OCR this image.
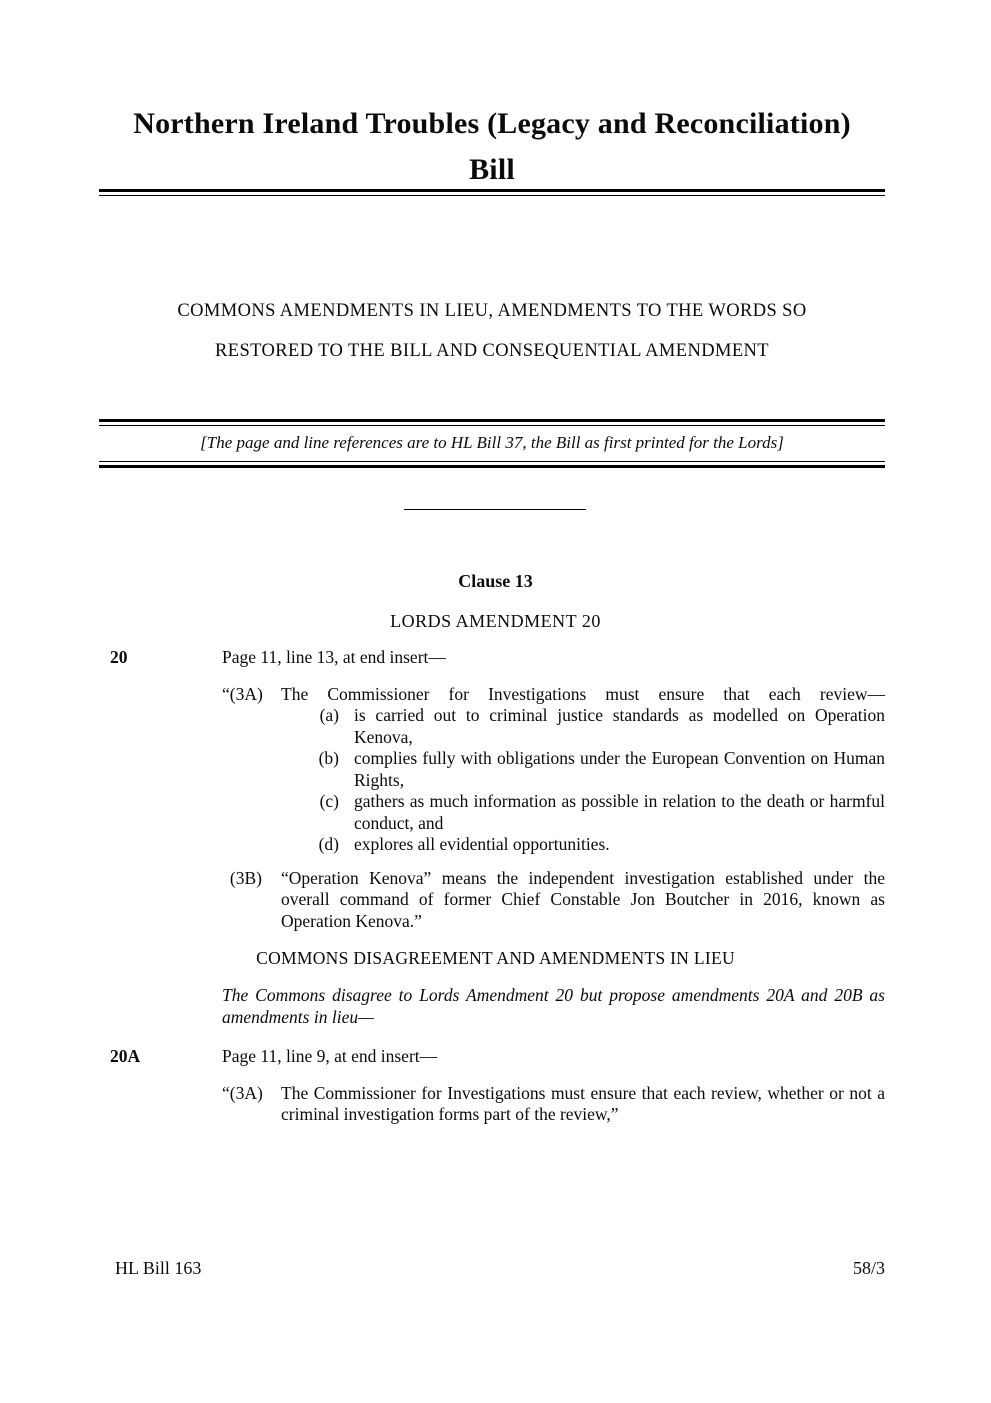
Northern Ireland Troubles (Legacy and Reconciliation)
Bill
COMMONS AMENDMENTS IN LIEU, AMENDMENTS TO THE WORDS SO
RESTORED TO THE BILL AND CONSEQUENTIAL AMENDMENT
[The page and line references are to HL Bill 37, the Bill as first printed for the Lords]
Clause 13
LORDS AMENDMENT 20
20	Page 11, line 13, at end insert—
“(3A)	The Commissioner for Investigations must ensure that each review—
(a) is carried out to criminal justice standards as modelled on Operation Kenova,
(b) complies fully with obligations under the European Convention on Human Rights,
(c) gathers as much information as possible in relation to the death or harmful conduct, and
(d) explores all evidential opportunities.
(3B)	“Operation Kenova” means the independent investigation established under the overall command of former Chief Constable Jon Boutcher in 2016, known as Operation Kenova.”
COMMONS DISAGREEMENT AND AMENDMENTS IN LIEU
The Commons disagree to Lords Amendment 20 but propose amendments 20A and 20B as amendments in lieu—
20A	Page 11, line 9, at end insert—
“(3A)	The Commissioner for Investigations must ensure that each review, whether or not a criminal investigation forms part of the review,”
HL Bill 163	58/3
